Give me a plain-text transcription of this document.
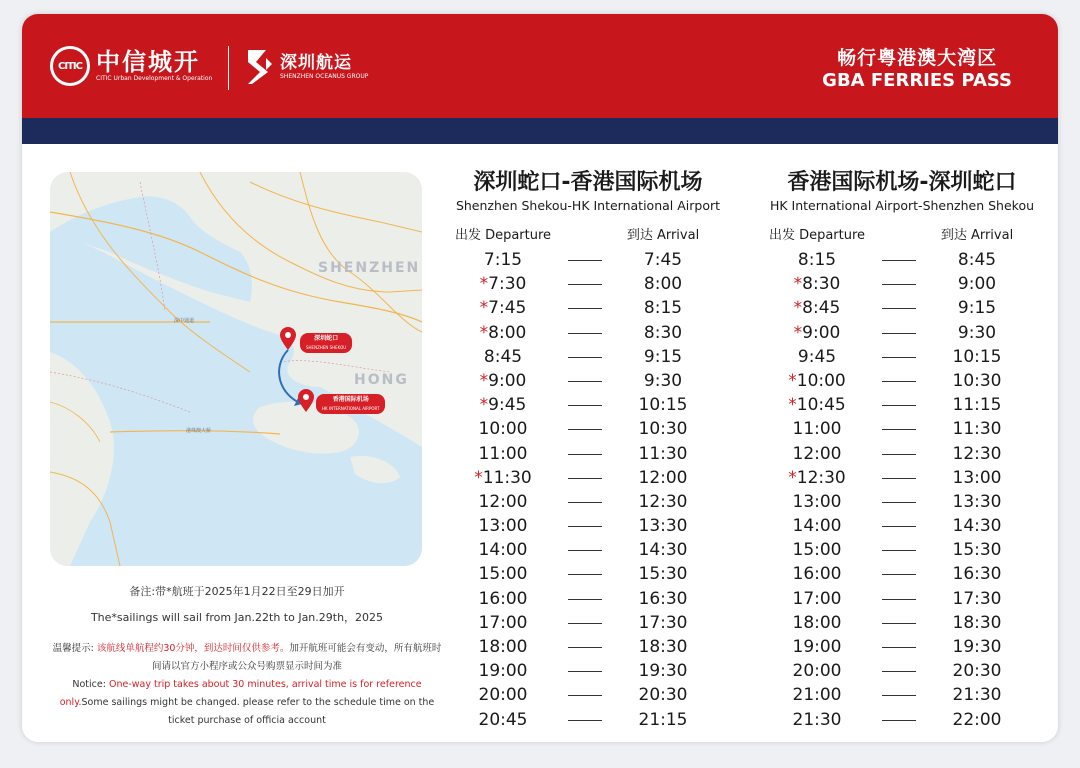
CITIC 中信城开
CITIC Urban Development & Operation
深圳航运
SHENZHEN OCEANUS GROUP
畅行粤港澳大湾区
GBA FERRIES PASS
SHENZHEN
HONG
深中通道
港珠澳大桥
深圳蛇口
SHENZHEN SHEKOU
香港国际机场
HK INTERNATIONAL AIRPORT
备注:带*航班于2025年1月22日至29日加开
The*sailings will sail from Jan.22th to Jan.29th，2025
温馨提示: 该航线单航程约30分钟，到达时间仅供参考。加开航班可能会有变动，所有航班时间请以官方小程序或公众号购票显示时间为准
Notice: One-way trip takes about 30 minutes, arrival time is for reference only.Some sailings might be changed. please refer to the schedule time on the ticket purchase of officia account
深圳蛇口-香港国际机场
Shenzhen Shekou-HK International Airport
出发 Departure	到达 Arrival
7:15	7:45
*7:30	8:00
*7:45	8:15
*8:00	8:30
8:45	9:15
*9:00	9:30
*9:45	10:15
10:00	10:30
11:00	11:30
*11:30	12:00
12:00	12:30
13:00	13:30
14:00	14:30
15:00	15:30
16:00	16:30
17:00	17:30
18:00	18:30
19:00	19:30
20:00	20:30
20:45	21:15
香港国际机场-深圳蛇口
HK International Airport-Shenzhen Shekou
出发 Departure	到达 Arrival
8:15	8:45
*8:30	9:00
*8:45	9:15
*9:00	9:30
9:45	10:15
*10:00	10:30
*10:45	11:15
11:00	11:30
12:00	12:30
*12:30	13:00
13:00	13:30
14:00	14:30
15:00	15:30
16:00	16:30
17:00	17:30
18:00	18:30
19:00	19:30
20:00	20:30
21:00	21:30
21:30	22:00
